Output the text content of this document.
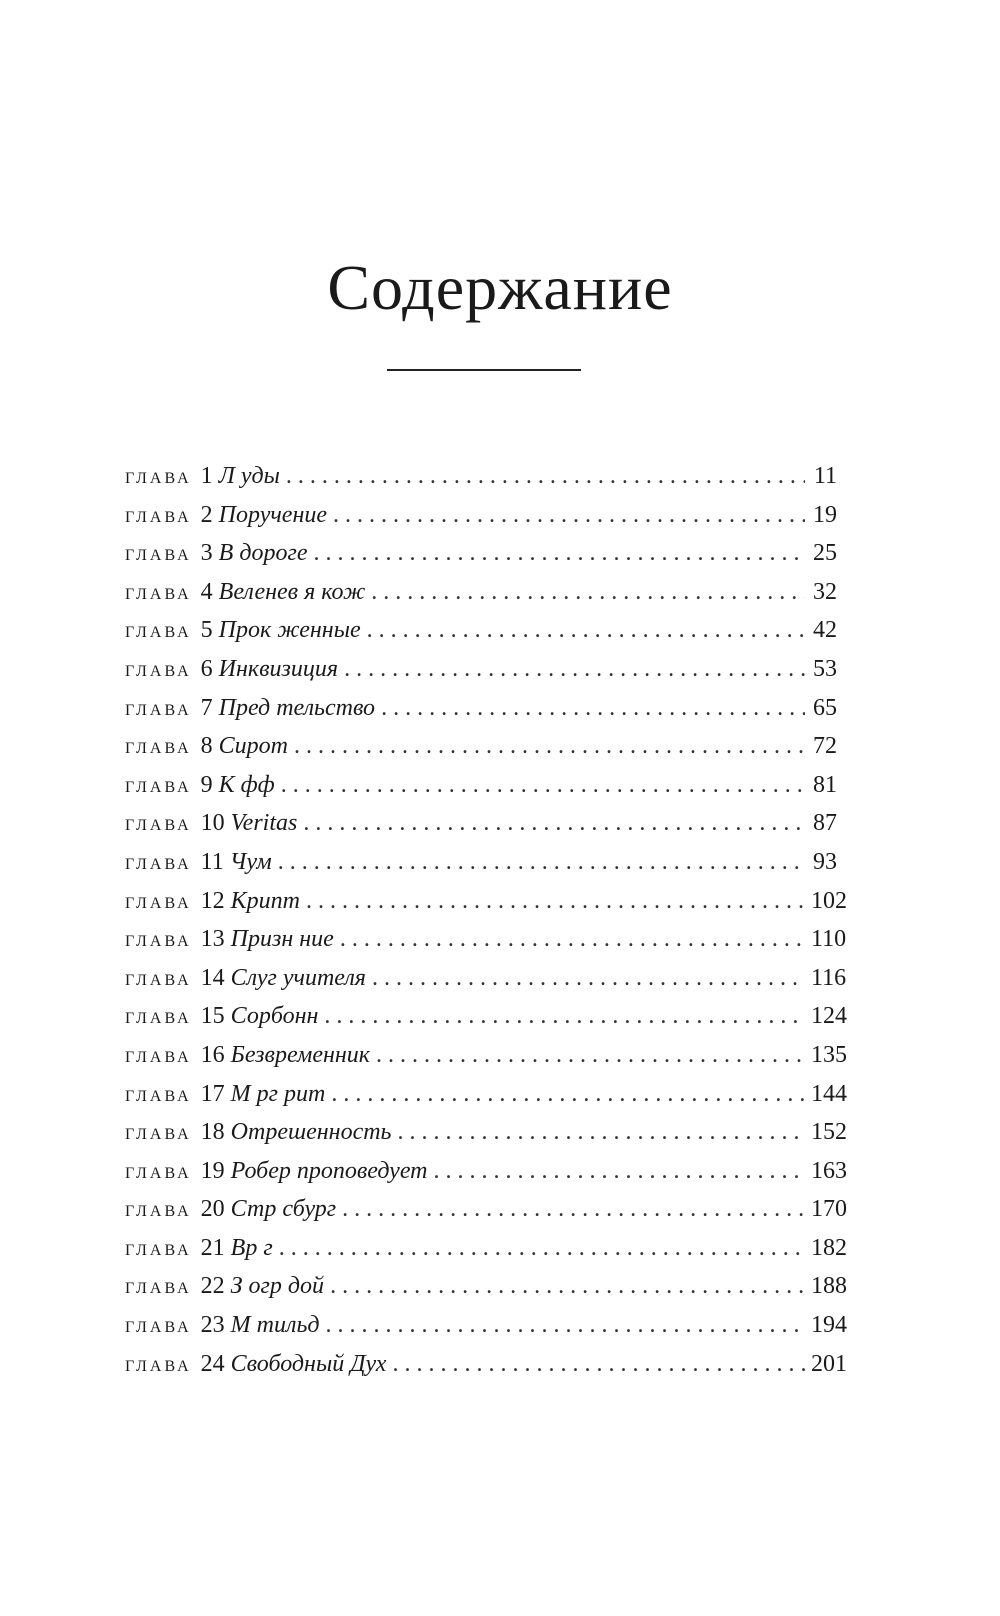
Содержание
глава 1 Л уды . . .	11
глава 2 Поручение . . .	19
глава 3 В дороге . . .	25
глава 4 Веленев я кож . . .	32
глава 5 Прок женные . . .	42
глава 6 Инквизиция . . .	53
глава 7 Пред тельство . . .	65
глава 8 Сирот . . .	72
глава 9 К фф . . .	81
глава 10 Veritas . . .	87
глава 11 Чум . . .	93
глава 12 Крипт . . .	102
глава 13 Призн ние . . .	110
глава 14 Слуг учителя . . .	116
глава 15 Сорбонн . . .	124
глава 16 Безвременник . . .	135
глава 17 М рг рит . . .	144
глава 18 Отрешенность . . .	152
глава 19 Робер проповедует . . .	163
глава 20 Стр сбург . . .	170
глава 21 Вр г . . .	182
глава 22 З огр дой . . .	188
глава 23 М тильд . . .	194
глава 24 Свободный Дух . . .	201
